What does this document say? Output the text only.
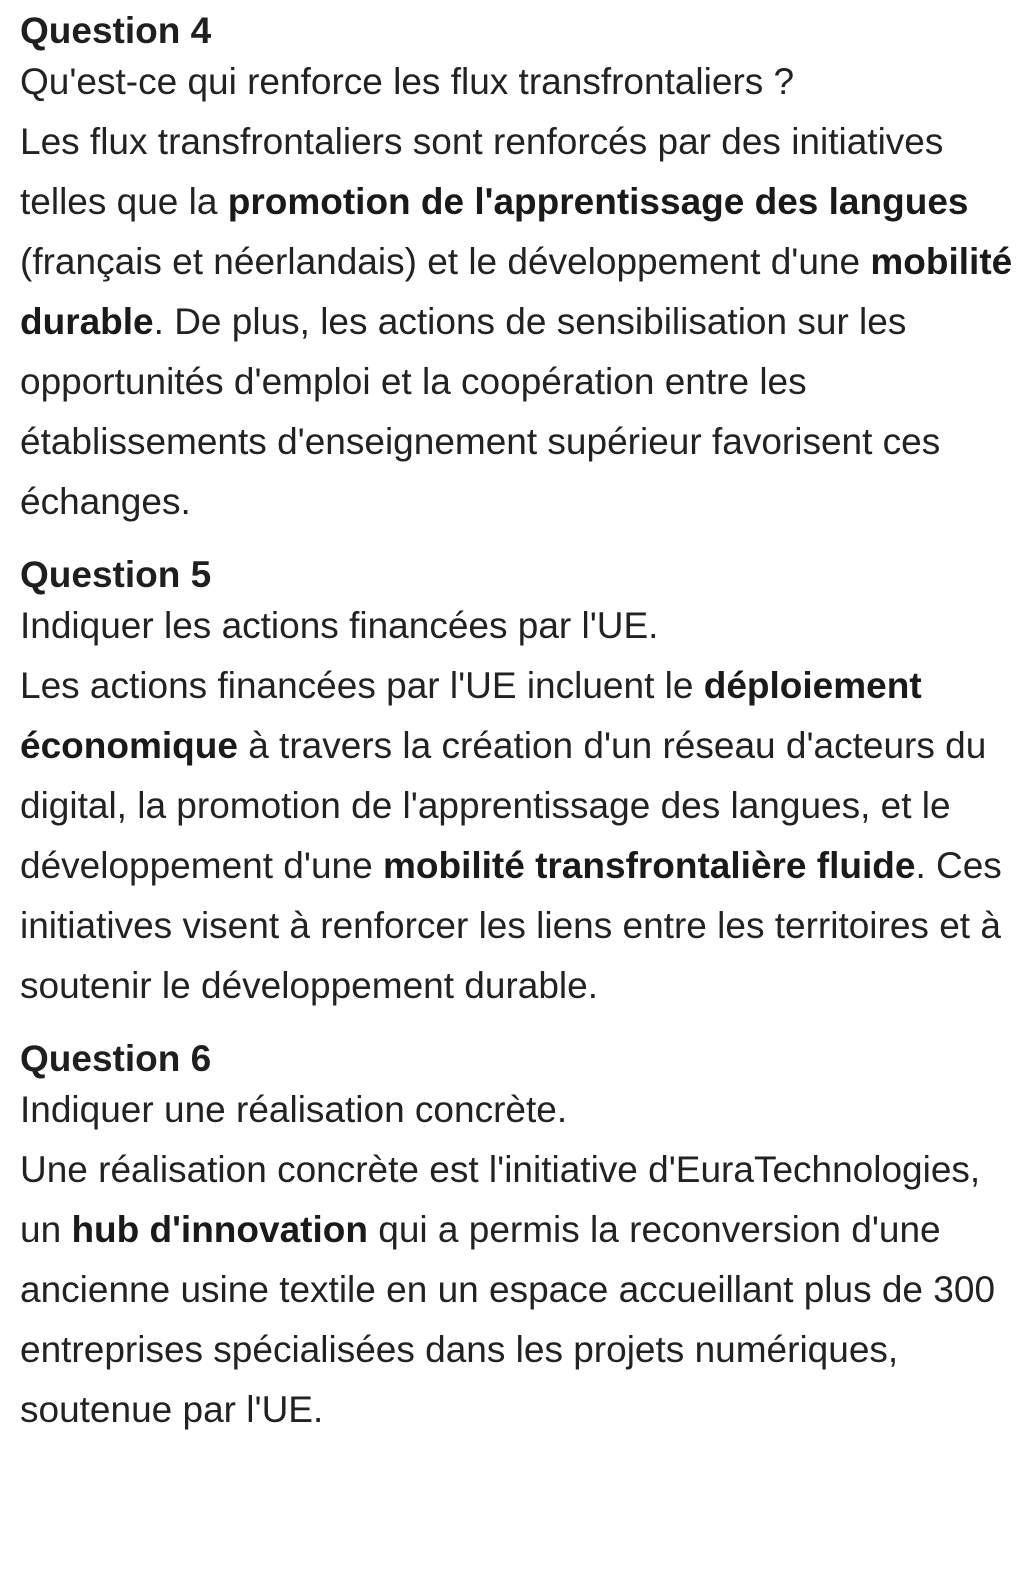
Question 4

Qu'est-ce qui renforce les flux transfrontaliers ?

Les flux transfrontaliers sont renforcés par des initiatives telles que la promotion de l'apprentissage des langues (français et néerlandais) et le développement d'une mobilité durable. De plus, les actions de sensibilisation sur les opportunités d'emploi et la coopération entre les établissements d'enseignement supérieur favorisent ces échanges.

Question 5

Indiquer les actions financées par l'UE.

Les actions financées par l'UE incluent le déploiement économique à travers la création d'un réseau d'acteurs du digital, la promotion de l'apprentissage des langues, et le développement d'une mobilité transfrontalière fluide. Ces initiatives visent à renforcer les liens entre les territoires et à soutenir le développement durable.

Question 6

Indiquer une réalisation concrète.

Une réalisation concrète est l'initiative d'EuraTechnologies, un hub d'innovation qui a permis la reconversion d'une ancienne usine textile en un espace accueillant plus de 300 entreprises spécialisées dans les projets numériques, soutenue par l'UE.
